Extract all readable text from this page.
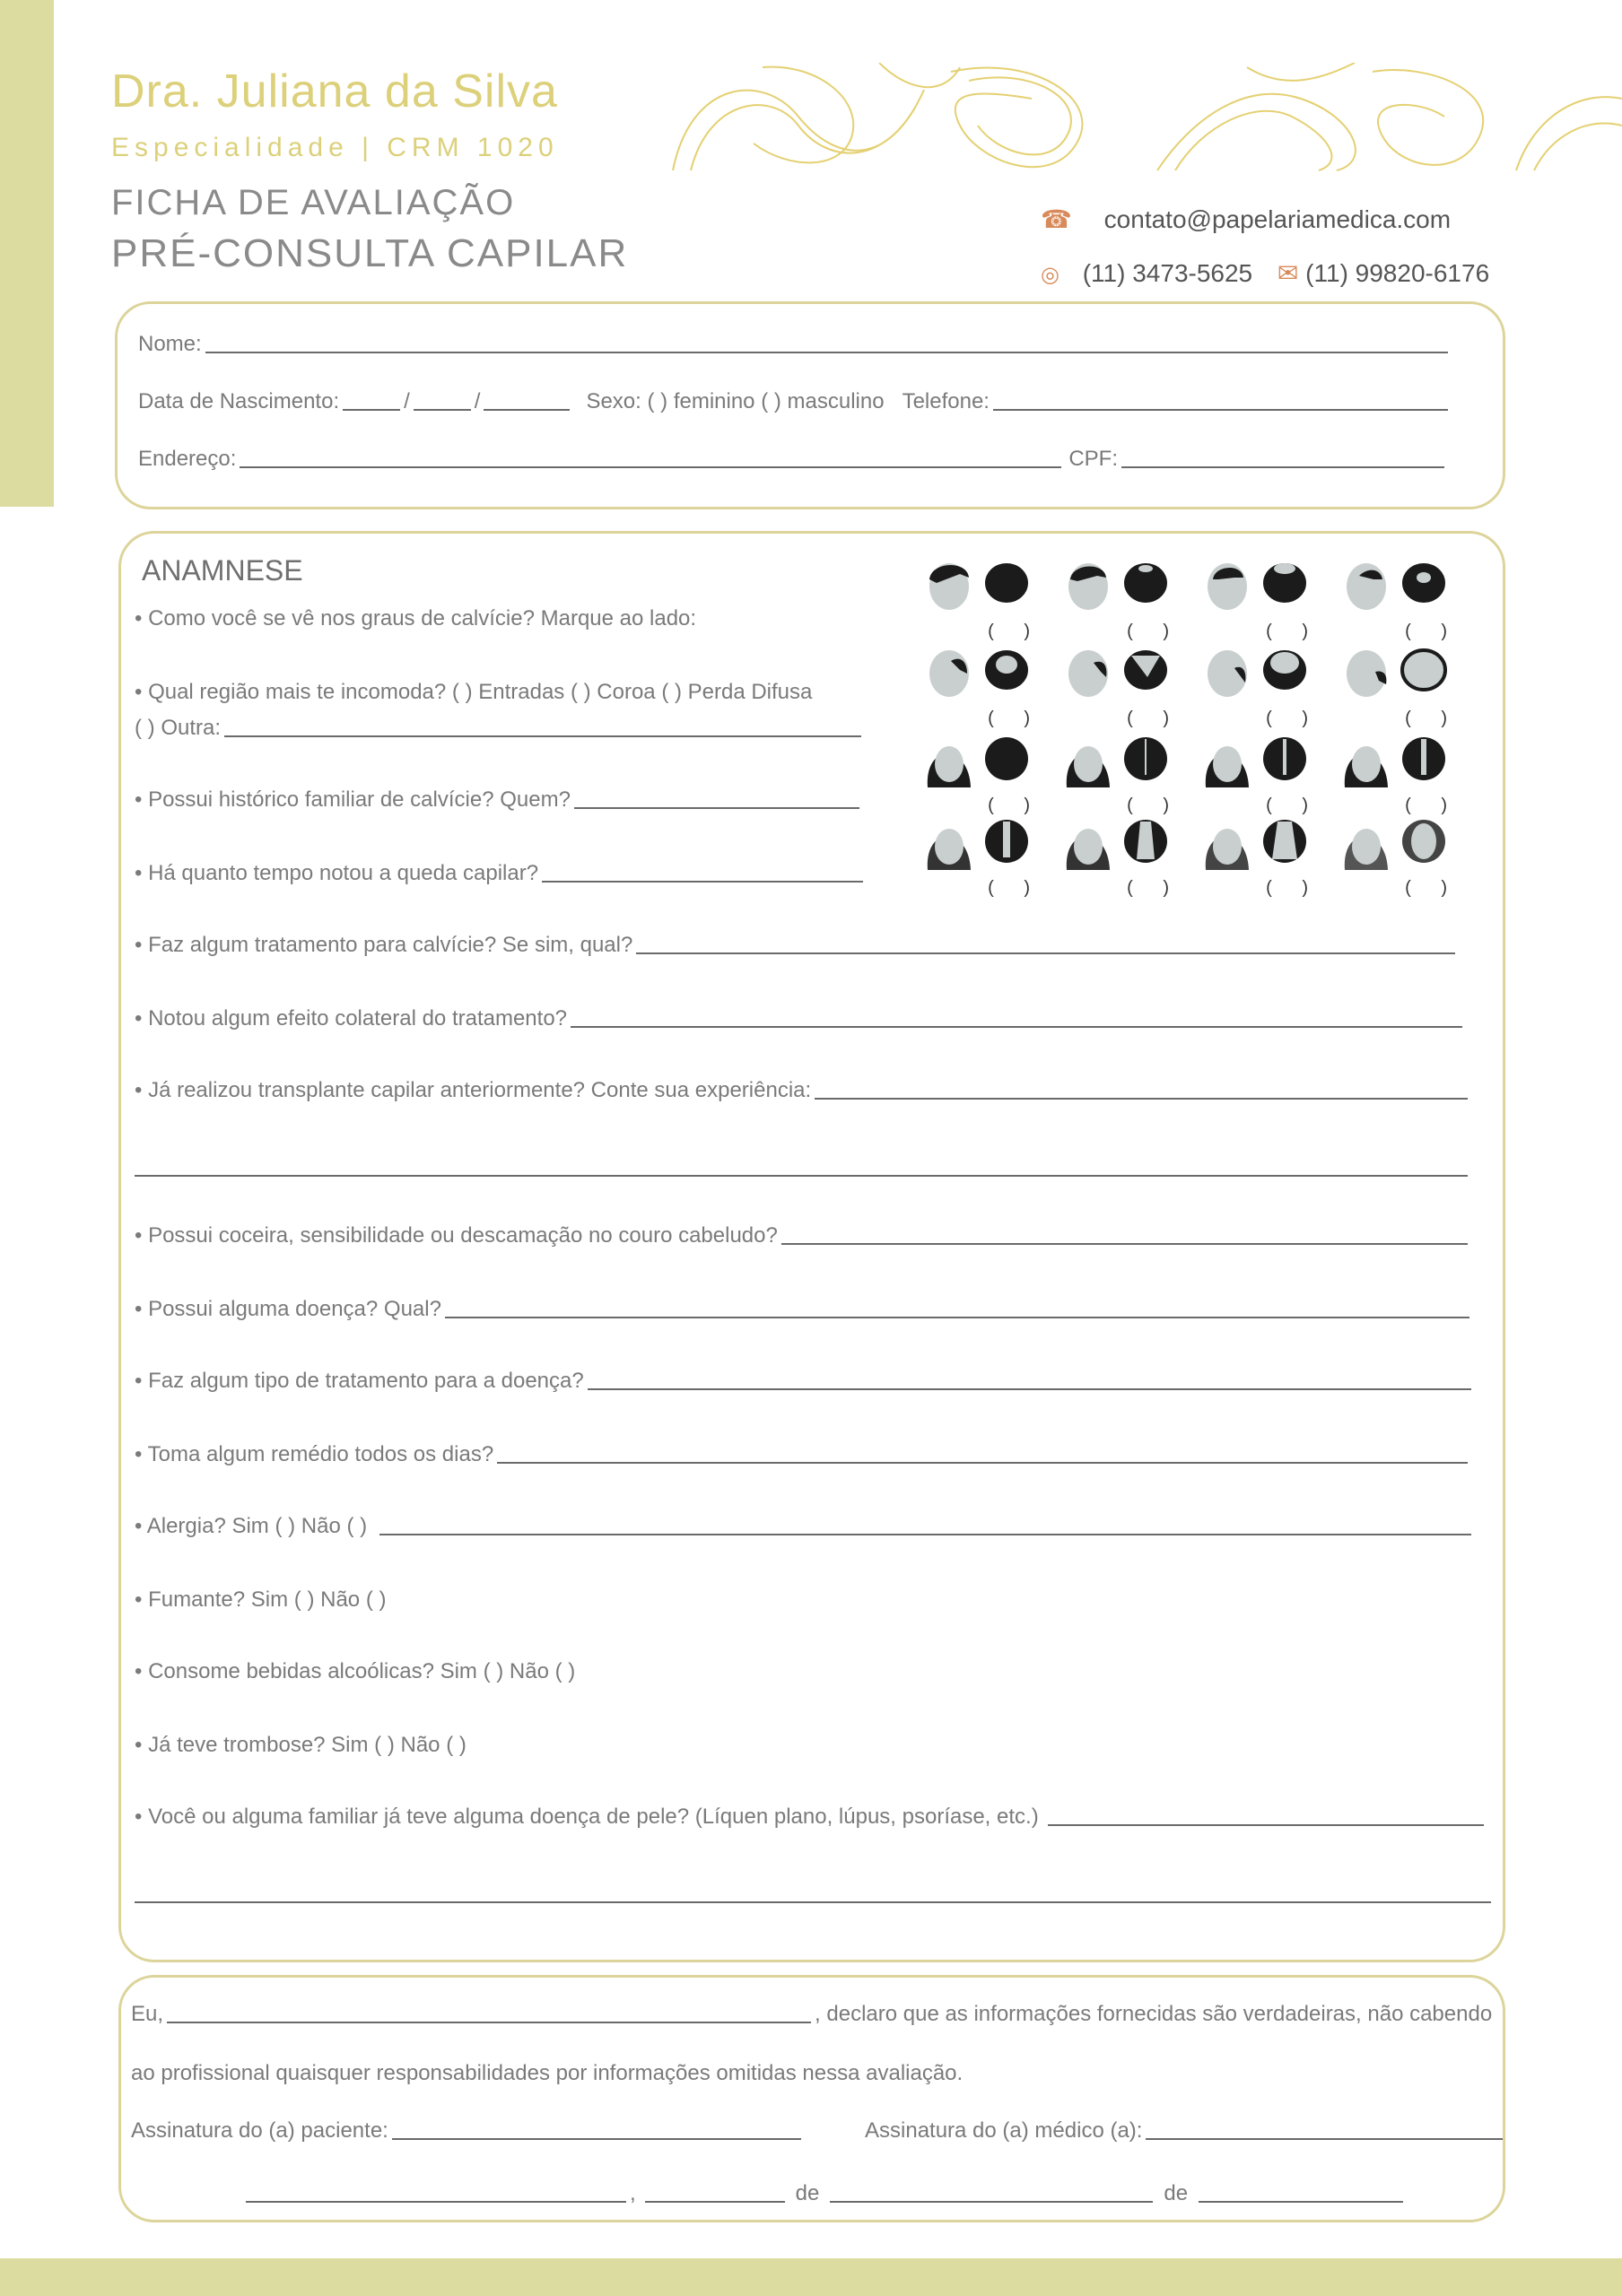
Dra. Juliana da Silva
Especialidade | CRM 1020
FICHA DE AVALIAÇÃO
PRÉ-CONSULTA CAPILAR
☎ contato@papelariamedica.com
◎ (11) 3473-5625 ✉ (11) 99820-6176
Nome:
Data de Nascimento:	/	/	Sexo: ( ) feminino ( ) masculino Telefone:
Endereço:	CPF:
ANAMNESE
• Como você se vê nos graus de calvície? Marque ao lado:
• Qual região mais te incomoda? ( ) Entradas ( ) Coroa ( ) Perda Difusa
( ) Outra:
• Possui histórico familiar de calvície? Quem?
• Há quanto tempo notou a queda capilar?
• Faz algum tratamento para calvície? Se sim, qual?
• Notou algum efeito colateral do tratamento?
• Já realizou transplante capilar anteriormente? Conte sua experiência:
• Possui coceira, sensibilidade ou descamação no couro cabeludo?
• Possui alguma doença? Qual?
• Faz algum tipo de tratamento para a doença?
• Toma algum remédio todos os dias?
• Alergia? Sim ( ) Não ( )
• Fumante? Sim ( ) Não ( )
• Consome bebidas alcoólicas? Sim ( ) Não ( )
• Já teve trombose? Sim ( ) Não ( )
• Você ou alguma familiar já teve alguma doença de pele? (Líquen plano, lúpus, psoríase, etc.)
( )	( )	( )	( )
( )	( )	( )	( )
( )	( )	( )	( )
( )	( )	( )	( )
Eu,	, declaro que as informações fornecidas são verdadeiras, não cabendo
ao profissional quaisquer responsabilidades por informações omitidas nessa avaliação.
Assinatura do (a) paciente:	Assinatura do (a) médico (a):
,	de	de
